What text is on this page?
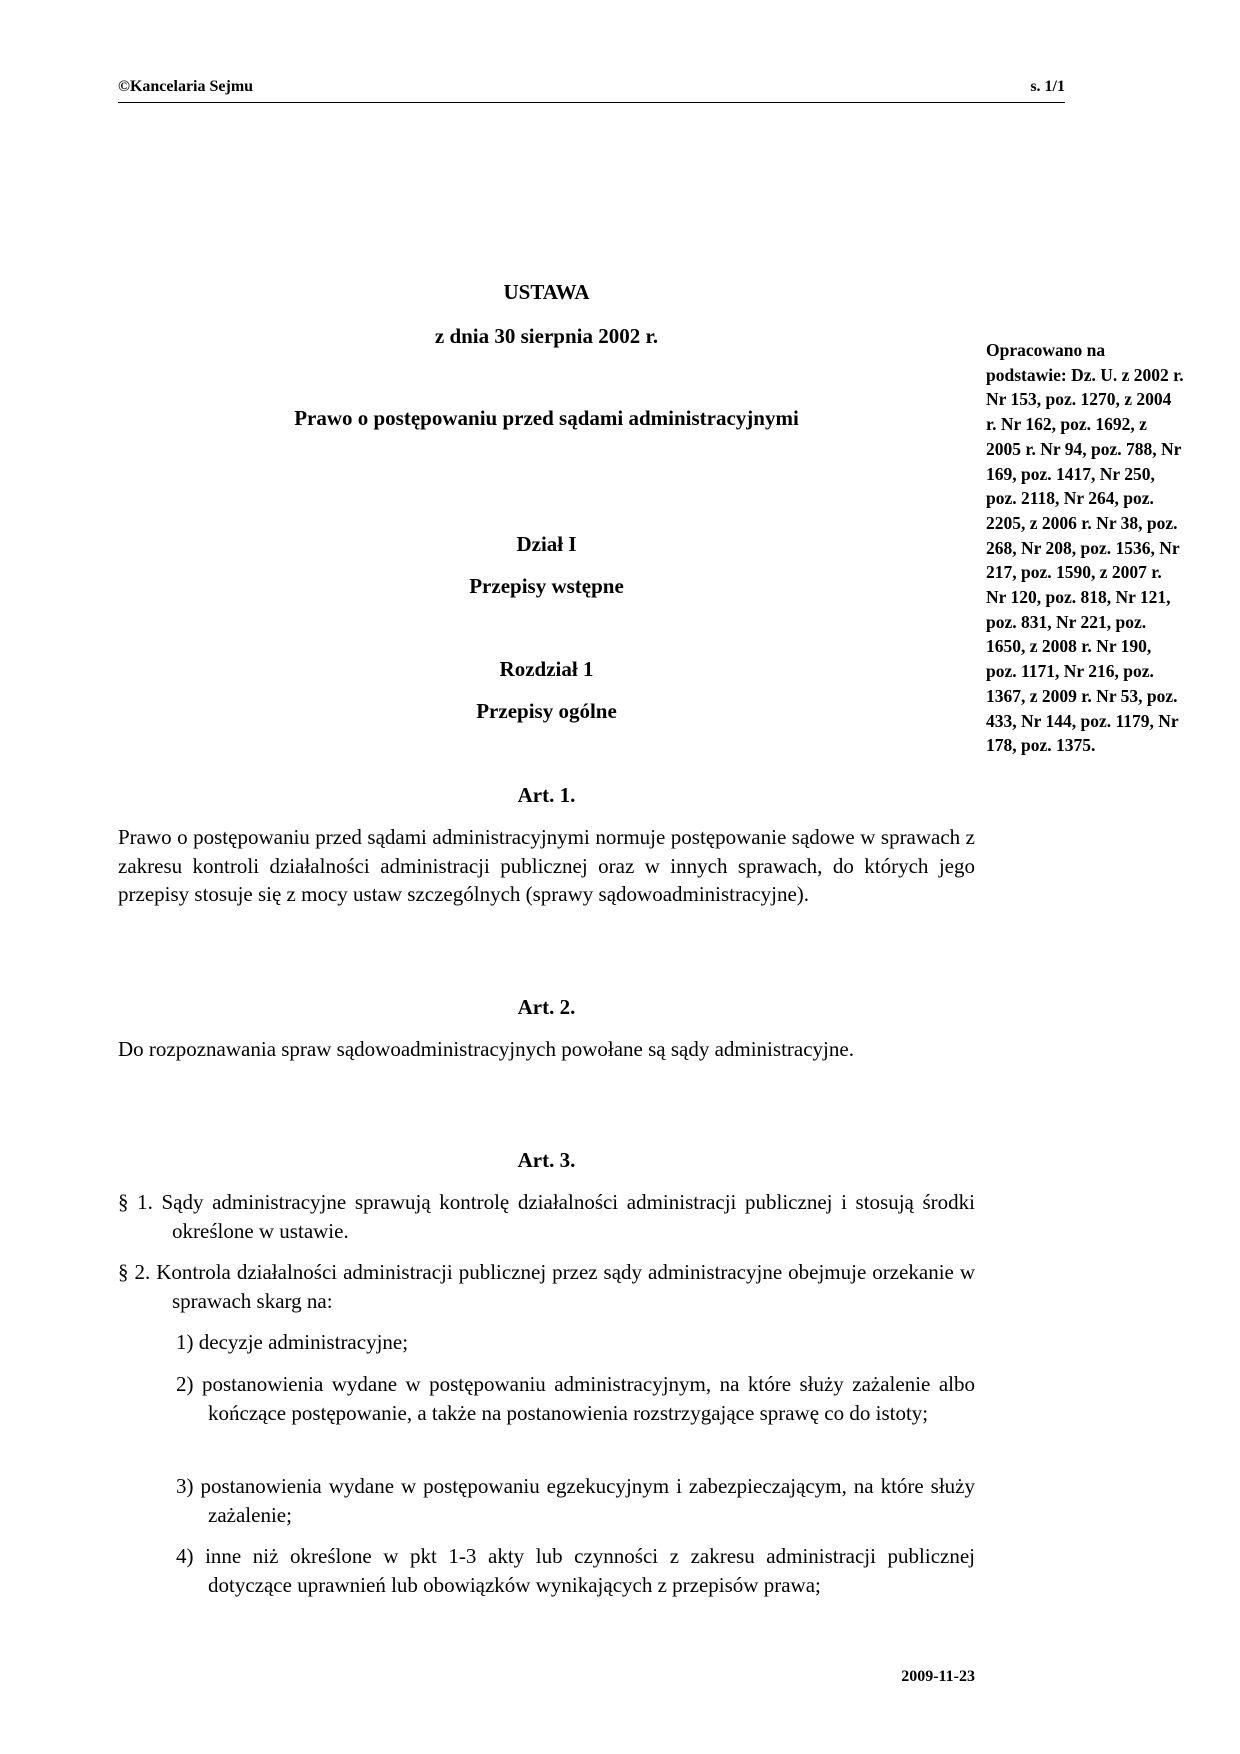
©Kancelaria Sejmu	s. 1/1
USTAWA
z dnia 30 sierpnia 2002 r.
Prawo o postępowaniu przed sądami administracyjnymi
Dział I
Przepisy wstępne
Rozdział 1
Przepisy ogólne
Opracowano na podstawie: Dz. U. z 2002 r. Nr 153, poz. 1270, z 2004 r. Nr 162, poz. 1692, z 2005 r. Nr 94, poz. 788, Nr 169, poz. 1417, Nr 250, poz. 2118, Nr 264, poz. 2205, z 2006 r. Nr 38, poz. 268, Nr 208, poz. 1536, Nr 217, poz. 1590, z 2007 r. Nr 120, poz. 818, Nr 121, poz. 831, Nr 221, poz. 1650, z 2008 r. Nr 190, poz. 1171, Nr 216, poz. 1367, z 2009 r. Nr 53, poz. 433, Nr 144, poz. 1179, Nr 178, poz. 1375.
Art. 1.
Prawo o postępowaniu przed sądami administracyjnymi normuje postępowanie sądowe w sprawach z zakresu kontroli działalności administracji publicznej oraz w innych sprawach, do których jego przepisy stosuje się z mocy ustaw szczególnych (sprawy sądowoadministracyjne).
Art. 2.
Do rozpoznawania spraw sądowoadministracyjnych powołane są sądy administracyjne.
Art. 3.
§ 1. Sądy administracyjne sprawują kontrolę działalności administracji publicznej i stosują środki określone w ustawie.
§ 2. Kontrola działalności administracji publicznej przez sądy administracyjne obejmuje orzekanie w sprawach skarg na:
1) decyzje administracyjne;
2) postanowienia wydane w postępowaniu administracyjnym, na które służy zażalenie albo kończące postępowanie, a także na postanowienia rozstrzygające sprawę co do istoty;
3) postanowienia wydane w postępowaniu egzekucyjnym i zabezpieczającym, na które służy zażalenie;
4) inne niż określone w pkt 1-3 akty lub czynności z zakresu administracji publicznej dotyczące uprawnień lub obowiązków wynikających z przepisów prawa;
2009-11-23
